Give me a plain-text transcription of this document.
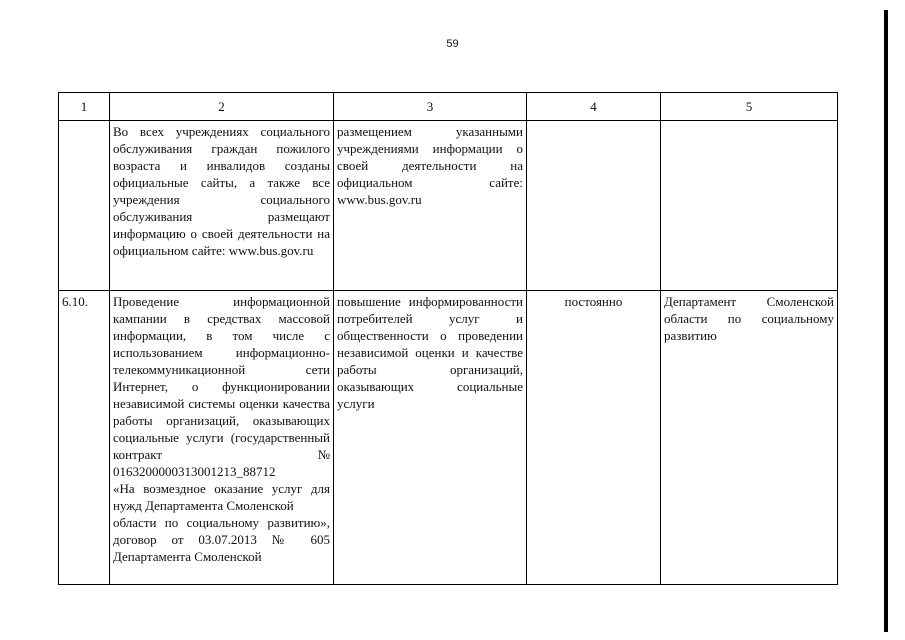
59
1	2	3	4	5
	Во всех учреждениях социального обслуживания граждан пожилого возраста и инвалидов созданы официальные сайты, а также все учреждения социального обслуживания размещают информацию о своей деятельности на официальном сайте: www.bus.gov.ru	размещением указанными учреждениями информации о своей деятельности на официальном сайте: www.bus.gov.ru		
6.10.	Проведение информационной кампании в средствах массовой информации, в том числе с использованием информационно-телекоммуникационной сети Интернет, о функционировании независимой системы оценки качества работы организаций, оказывающих социальные услуги (государственный контракт № 0163200000313001213_88712
«На возмездное оказание услуг для нужд Департамента Смоленской
области по социальному развитию», договор от 03.07.2013 № 605 Департамента Смоленской	повышение информированности потребителей услуг и общественности о проведении независимой оценки и качестве работы организаций, оказывающих социальные услуги	постоянно	Департамент Смоленской области по социальному развитию
